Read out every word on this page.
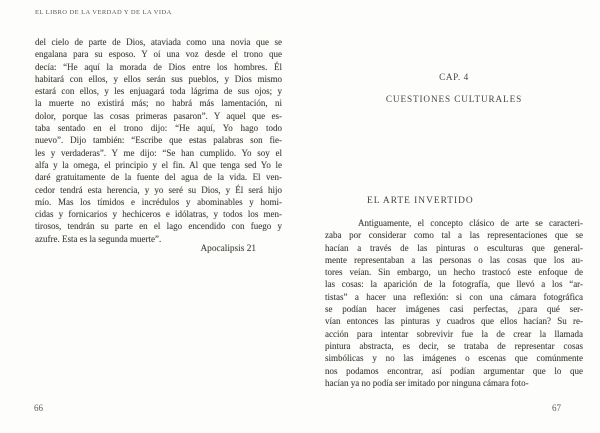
EL LIBRO DE LA VERDAD Y DE LA VIDA
del cielo de parte de Dios, ataviada como una novia que se
engalana para su esposo. Y oí una voz desde el trono que
decía: “He aquí la morada de Dios entre los hombres. Él
habitará con ellos, y ellos serán sus pueblos, y Dios mismo
estará con ellos, y les enjuagará toda lágrima de sus ojos; y
la muerte no existirá más; no habrá más lamentación, ni
dolor, porque las cosas primeras pasaron”. Y aquel que es-
taba sentado en el trono dijo: “He aquí, Yo hago todo
nuevo”. Dijo también: “Escribe que estas palabras son fie-
les y verdaderas”. Y me dijo: “Se han cumplido. Yo soy el
alfa y la omega, el principio y el fin. Al que tenga sed Yo le
daré gratuitamente de la fuente del agua de la vida. El ven-
cedor tendrá esta herencia, y yo seré su Dios, y Él será hijo
mío. Mas los tímidos e incrédulos y abominables y homi-
cidas y fornicarios y hechiceros e idólatras, y todos los men-
tirosos, tendrán su parte en el lago encendido con fuego y
azufre. Esta es la segunda muerte”.
Apocalipsis 21
66
CAP. 4
CUESTIONES CULTURALES
EL ARTE INVERTIDO
Antiguamente, el concepto clásico de arte se caracteri-
zaba por considerar como tal a las representaciones que se
hacían a través de las pinturas o esculturas que general-
mente representaban a las personas o las cosas que los au-
tores veían. Sin embargo, un hecho trastocó este enfoque de
las cosas: la aparición de la fotografía, que llevó a los “ar-
tistas” a hacer una reflexión: si con una cámara fotográfica
se podían hacer imágenes casi perfectas, ¿para qué ser-
vían entonces las pinturas y cuadros que ellos hacían? Su re-
acción para intentar sobrevivir fue la de crear la llamada
pintura abstracta, es decir, se trataba de representar cosas
simbólicas y no las imágenes o escenas que comúnmente
nos podamos encontrar, así podían argumentar que lo que
hacían ya no podía ser imitado por ninguna cámara foto-
67
